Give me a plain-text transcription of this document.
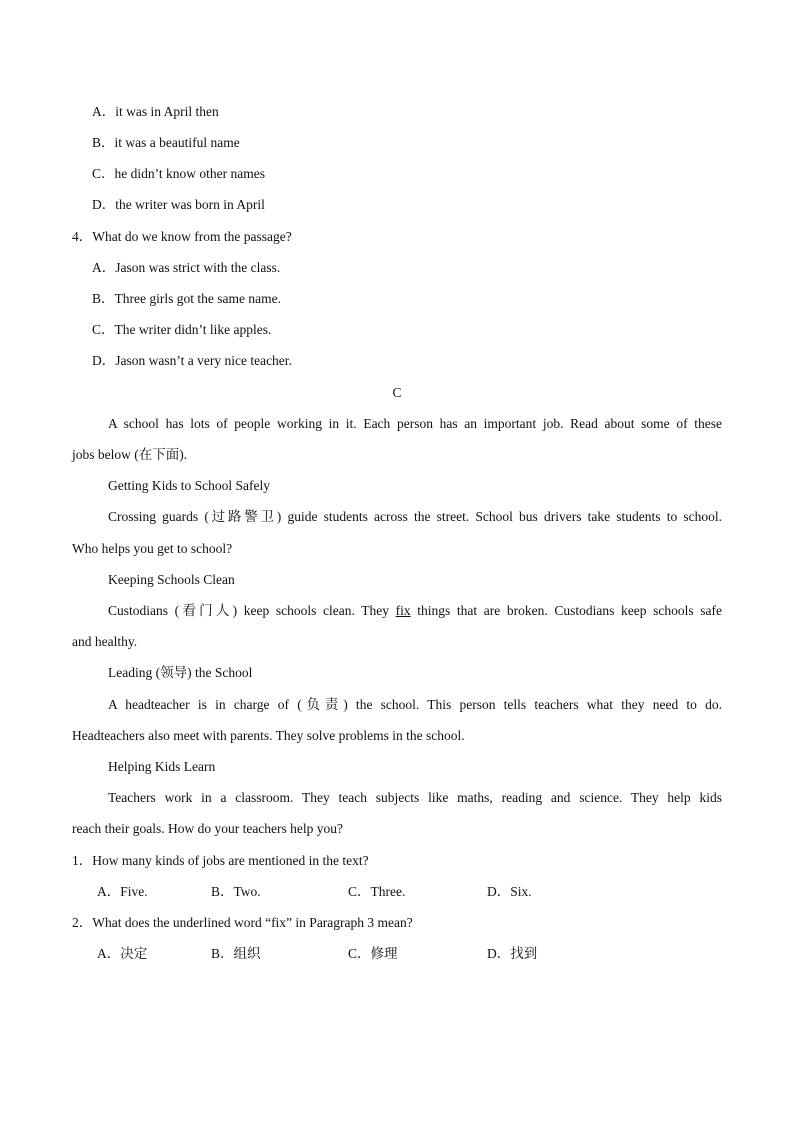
A．it was in April then
B．it was a beautiful name
C．he didn’t know other names
D．the writer was born in April
4．What do we know from the passage?
A．Jason was strict with the class.
B．Three girls got the same name.
C．The writer didn’t like apples.
D．Jason wasn’t a very nice teacher.
C
A school has lots of people working in it. Each person has an important job. Read about some of these
jobs below (在下面).
Getting Kids to School Safely
Crossing guards (过路警卫) guide students across the street. School bus drivers take students to school.
Who helps you get to school?
Keeping Schools Clean
Custodians (看门人) keep schools clean. They fix things that are broken. Custodians keep schools safe
and healthy.
Leading (领导) the School
A headteacher is in charge of (负责) the school. This person tells teachers what they need to do.
Headteachers also meet with parents. They solve problems in the school.
Helping Kids Learn
Teachers work in a classroom. They teach subjects like maths, reading and science. They help kids
reach their goals. How do your teachers help you?
1．How many kinds of jobs are mentioned in the text?
A．Five.	B．Two.	C．Three.	D．Six.
2．What does the underlined word “fix” in Paragraph 3 mean?
A．决定	B．组织	C．修理	D．找到
